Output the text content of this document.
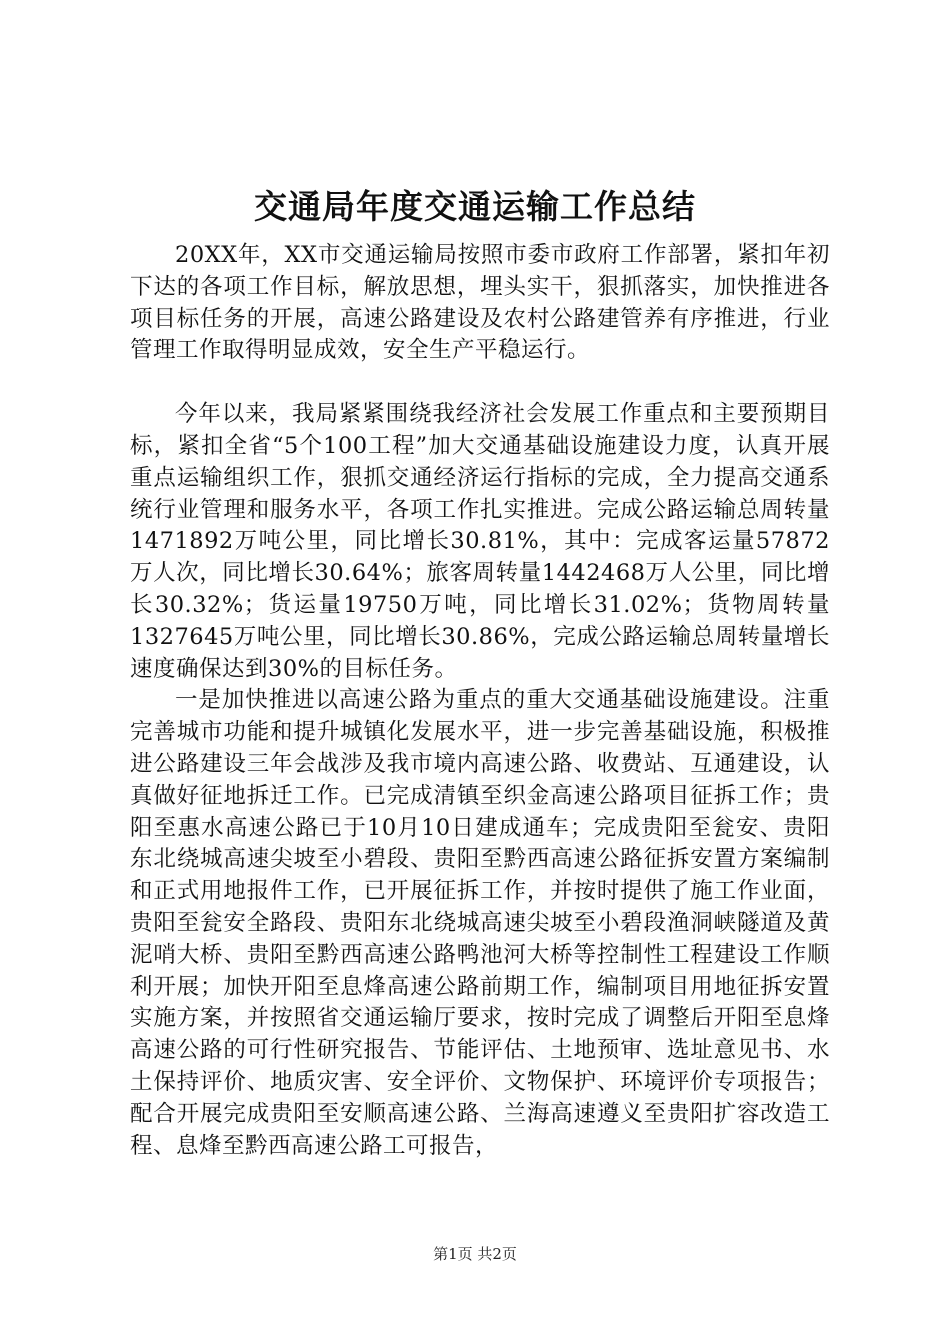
交通局年度交通运输工作总结

20XX年，XX市交通运输局按照市委市政府工作部署，紧扣年初下达的各项工作目标，解放思想，埋头实干，狠抓落实，加快推进各项目标任务的开展，高速公路建设及农村公路建管养有序推进，行业管理工作取得明显成效，安全生产平稳运行。

今年以来，我局紧紧围绕我经济社会发展工作重点和主要预期目标，紧扣全省“5个100工程”加大交通基础设施建设力度，认真开展重点运输组织工作，狠抓交通经济运行指标的完成，全力提高交通系统行业管理和服务水平，各项工作扎实推进。完成公路运输总周转量1471892万吨公里，同比增长30.81%，其中：完成客运量57872万人次，同比增长30.64%；旅客周转量1442468万人公里，同比增长30.32%；货运量19750万吨，同比增长31.02%；货物周转量1327645万吨公里，同比增长30.86%，完成公路运输总周转量增长速度确保达到30%的目标任务。

一是加快推进以高速公路为重点的重大交通基础设施建设。注重完善城市功能和提升城镇化发展水平，进一步完善基础设施，积极推进公路建设三年会战涉及我市境内高速公路、收费站、互通建设，认真做好征地拆迁工作。已完成清镇至织金高速公路项目征拆工作；贵阳至惠水高速公路已于10月10日建成通车；完成贵阳至瓮安、贵阳东北绕城高速尖坡至小碧段、贵阳至黔西高速公路征拆安置方案编制和正式用地报件工作，已开展征拆工作，并按时提供了施工作业面，贵阳至瓮安全路段、贵阳东北绕城高速尖坡至小碧段渔洞峡隧道及黄泥哨大桥、贵阳至黔西高速公路鸭池河大桥等控制性工程建设工作顺利开展；加快开阳至息烽高速公路前期工作，编制项目用地征拆安置实施方案，并按照省交通运输厅要求，按时完成了调整后开阳至息烽高速公路的可行性研究报告、节能评估、土地预审、选址意见书、水土保持评价、地质灾害、安全评价、文物保护、环境评价专项报告；配合开展完成贵阳至安顺高速公路、兰海高速遵义至贵阳扩容改造工程、息烽至黔西高速公路工可报告，

第1页 共2页
